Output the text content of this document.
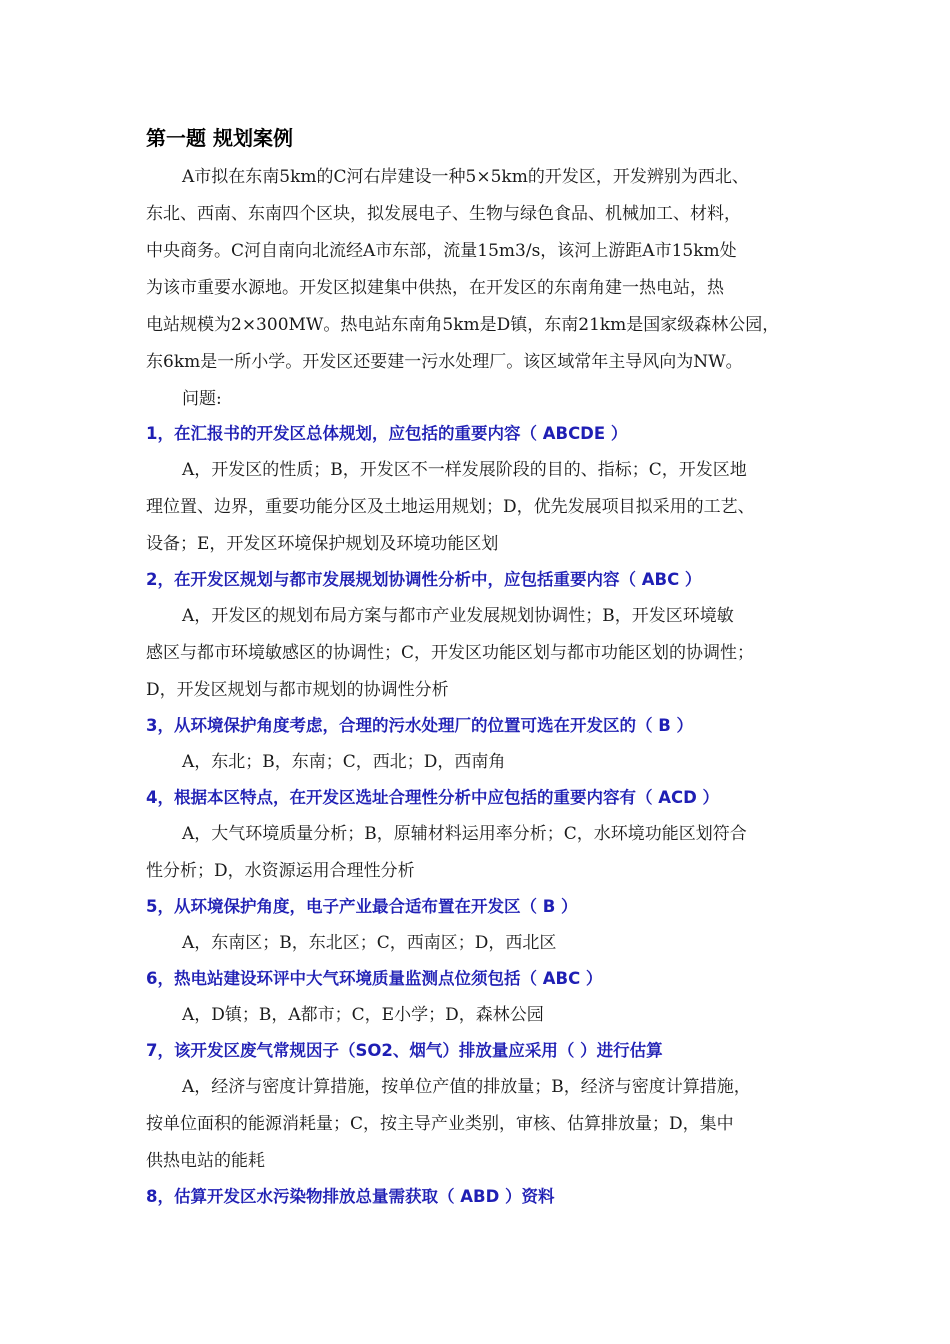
第一题 规划案例
A市拟在东南5km的C河右岸建设一种5×5km的开发区，开发辨别为西北、
东北、西南、东南四个区块，拟发展电子、生物与绿色食品、机械加工、材料，
中央商务。C河自南向北流经A市东部，流量15m3/s，该河上游距A市15km处
为该市重要水源地。开发区拟建集中供热，在开发区的东南角建一热电站，热
电站规模为2×300MW。热电站东南角5km是D镇，东南21km是国家级森林公园，
东6km是一所小学。开发区还要建一污水处理厂。该区域常年主导风向为NW。
问题:
1，在汇报书的开发区总体规划，应包括的重要内容（ ABCDE ）
A，开发区的性质；B，开发区不一样发展阶段的目的、指标；C，开发区地
理位置、边界，重要功能分区及土地运用规划；D，优先发展项目拟采用的工艺、
设备；E，开发区环境保护规划及环境功能区划
2，在开发区规划与都市发展规划协调性分析中，应包括重要内容（ ABC ）
A，开发区的规划布局方案与都市产业发展规划协调性；B，开发区环境敏
感区与都市环境敏感区的协调性；C，开发区功能区划与都市功能区划的协调性；
D，开发区规划与都市规划的协调性分析
3，从环境保护角度考虑，合理的污水处理厂的位置可选在开发区的（ B ）
A，东北；B，东南；C，西北；D，西南角
4，根据本区特点，在开发区选址合理性分析中应包括的重要内容有（ ACD ）
A，大气环境质量分析；B，原辅材料运用率分析；C，水环境功能区划符合
性分析；D，水资源运用合理性分析
5，从环境保护角度，电子产业最合适布置在开发区（ B ）
A，东南区；B，东北区；C，西南区；D，西北区
6，热电站建设环评中大气环境质量监测点位须包括（ ABC ）
A，D镇；B，A都市；C，E小学；D，森林公园
7，该开发区废气常规因子（SO2、烟气）排放量应采用（ ）进行估算
A，经济与密度计算措施，按单位产值的排放量；B，经济与密度计算措施，
按单位面积的能源消耗量；C，按主导产业类别，审核、估算排放量；D，集中
供热电站的能耗
8，估算开发区水污染物排放总量需获取（ ABD ）资料
